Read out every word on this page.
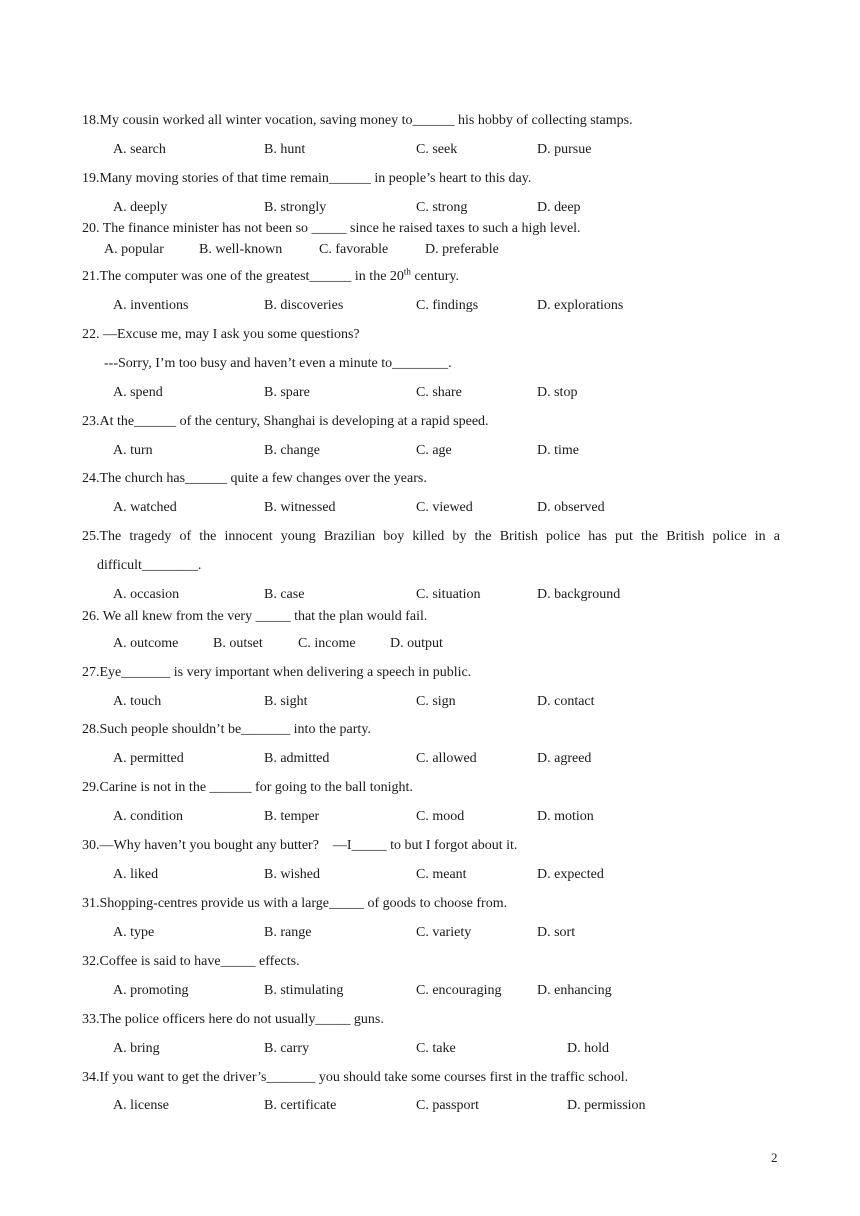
18.My cousin worked all winter vocation, saving money to______ his hobby of collecting stamps.
A. search	B. hunt	C. seek	D. pursue
19.Many moving stories of that time remain______ in people’s heart to this day.
A. deeply	B. strongly	C. strong	D. deep
20. The finance minister has not been so _____ since he raised taxes to such a high level.
A. popular	B. well-known	C. favorable	D. preferable
21.The computer was one of the greatest______ in the 20th century.
A. inventions	B. discoveries	C. findings	D. explorations
22. —Excuse me, may I ask you some questions?
---Sorry, I’m too busy and haven’t even a minute to________.
A. spend	B. spare	C. share	D. stop
23.At the______ of the century, Shanghai is developing at a rapid speed.
A. turn	B. change	C. age	D. time
24.The church has______ quite a few changes over the years.
A. watched	B. witnessed	C. viewed	D. observed
25.The tragedy of the innocent young Brazilian boy killed by the British police has put the British police in a
difficult________.
A. occasion	B. case	C. situation	D. background
26. We all knew from the very _____ that the plan would fail.
A. outcome B. outset	C. income D. output
27.Eye_______ is very important when delivering a speech in public.
A. touch	B. sight	C. sign	D. contact
28.Such people shouldn’t be_______ into the party.
A. permitted	B. admitted	C. allowed	D. agreed
29.Carine is not in the ______ for going to the ball tonight.
A. condition	B. temper	C. mood	D. motion
30.—Why haven’t you bought any butter?    —I_____ to but I forgot about it.
A. liked	B. wished	C. meant	D. expected
31.Shopping-centres provide us with a large_____ of goods to choose from.
A. type	B. range	C. variety	D. sort
32.Coffee is said to have_____ effects.
A. promoting	B. stimulating	C. encouraging	D. enhancing
33.The police officers here do not usually_____ guns.
A. bring	B. carry	C. take	D. hold
34.If you want to get the driver’s_______ you should take some courses first in the traffic school.
A. license	B. certificate	C. passport	D. permission
2
